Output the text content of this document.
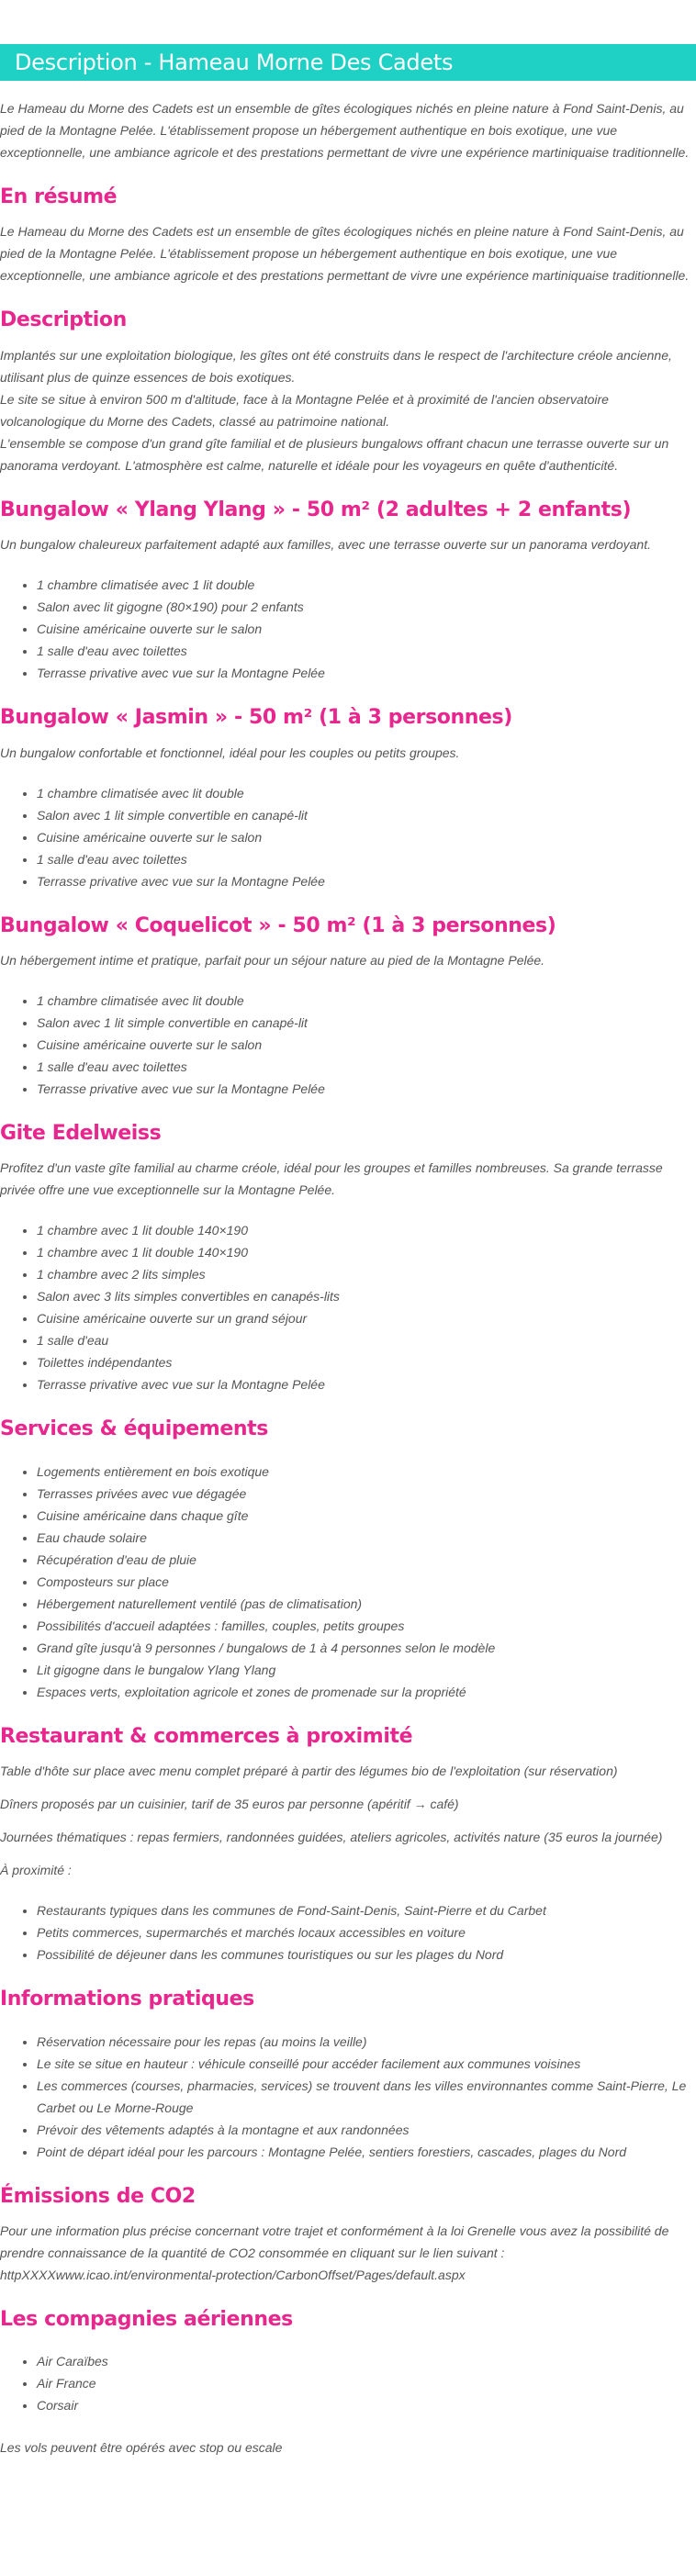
Description - Hameau Morne Des Cadets

Le Hameau du Morne des Cadets est un ensemble de gîtes écologiques nichés en pleine nature à Fond Saint-Denis, au pied de la Montagne Pelée. L'établissement propose un hébergement authentique en bois exotique, une vue exceptionnelle, une ambiance agricole et des prestations permettant de vivre une expérience martiniquaise traditionnelle.

En résumé

Le Hameau du Morne des Cadets est un ensemble de gîtes écologiques nichés en pleine nature à Fond Saint-Denis, au pied de la Montagne Pelée. L'établissement propose un hébergement authentique en bois exotique, une vue exceptionnelle, une ambiance agricole et des prestations permettant de vivre une expérience martiniquaise traditionnelle.

Description

Implantés sur une exploitation biologique, les gîtes ont été construits dans le respect de l'architecture créole ancienne, utilisant plus de quinze essences de bois exotiques.

Le site se situe à environ 500 m d'altitude, face à la Montagne Pelée et à proximité de l'ancien observatoire volcanologique du Morne des Cadets, classé au patrimoine national.

L'ensemble se compose d'un grand gîte familial et de plusieurs bungalows offrant chacun une terrasse ouverte sur un panorama verdoyant. L'atmosphère est calme, naturelle et idéale pour les voyageurs en quête d'authenticité.

Bungalow « Ylang Ylang » - 50 m² (2 adultes + 2 enfants)

Un bungalow chaleureux parfaitement adapté aux familles, avec une terrasse ouverte sur un panorama verdoyant.

• 1 chambre climatisée avec 1 lit double
• Salon avec lit gigogne (80×190) pour 2 enfants
• Cuisine américaine ouverte sur le salon
• 1 salle d'eau avec toilettes
• Terrasse privative avec vue sur la Montagne Pelée
Bungalow « Jasmin » - 50 m² (1 à 3 personnes)

Un bungalow confortable et fonctionnel, idéal pour les couples ou petits groupes.

• 1 chambre climatisée avec lit double
• Salon avec 1 lit simple convertible en canapé-lit
• Cuisine américaine ouverte sur le salon
• 1 salle d'eau avec toilettes
• Terrasse privative avec vue sur la Montagne Pelée
Bungalow « Coquelicot » - 50 m² (1 à 3 personnes)

Un hébergement intime et pratique, parfait pour un séjour nature au pied de la Montagne Pelée.

• 1 chambre climatisée avec lit double
• Salon avec 1 lit simple convertible en canapé-lit
• Cuisine américaine ouverte sur le salon
• 1 salle d'eau avec toilettes
• Terrasse privative avec vue sur la Montagne Pelée
Gite Edelweiss

Profitez d'un vaste gîte familial au charme créole, idéal pour les groupes et familles nombreuses. Sa grande terrasse privée offre une vue exceptionnelle sur la Montagne Pelée.

• 1 chambre avec 1 lit double 140×190
• 1 chambre avec 1 lit double 140×190
• 1 chambre avec 2 lits simples
• Salon avec 3 lits simples convertibles en canapés-lits
• Cuisine américaine ouverte sur un grand séjour
• 1 salle d'eau
• Toilettes indépendantes
• Terrasse privative avec vue sur la Montagne Pelée
Services & équipements
• Logements entièrement en bois exotique
• Terrasses privées avec vue dégagée
• Cuisine américaine dans chaque gîte
• Eau chaude solaire
• Récupération d'eau de pluie
• Composteurs sur place
• Hébergement naturellement ventilé (pas de climatisation)
• Possibilités d'accueil adaptées : familles, couples, petits groupes
• Grand gîte jusqu'à 9 personnes / bungalows de 1 à 4 personnes selon le modèle
• Lit gigogne dans le bungalow Ylang Ylang
• Espaces verts, exploitation agricole et zones de promenade sur la propriété
Restaurant & commerces à proximité

Table d'hôte sur place avec menu complet préparé à partir des légumes bio de l'exploitation (sur réservation)

Dîners proposés par un cuisinier, tarif de 35 euros par personne (apéritif → café)

Journées thématiques : repas fermiers, randonnées guidées, ateliers agricoles, activités nature (35 euros la journée)

À proximité :

• Restaurants typiques dans les communes de Fond-Saint-Denis, Saint-Pierre et du Carbet
• Petits commerces, supermarchés et marchés locaux accessibles en voiture
• Possibilité de déjeuner dans les communes touristiques ou sur les plages du Nord
Informations pratiques
• Réservation nécessaire pour les repas (au moins la veille)
• Le site se situe en hauteur : véhicule conseillé pour accéder facilement aux communes voisines
• Les commerces (courses, pharmacies, services) se trouvent dans les villes environnantes comme Saint-Pierre, Le Carbet ou Le Morne-Rouge
• Prévoir des vêtements adaptés à la montagne et aux randonnées
• Point de départ idéal pour les parcours : Montagne Pelée, sentiers forestiers, cascades, plages du Nord
Émissions de CO2

Pour une information plus précise concernant votre trajet et conformément à la loi Grenelle vous avez la possibilité de prendre connaissance de la quantité de CO2 consommée en cliquant sur le lien suivant : httpXXXXwww.icao.int/environmental-protection/CarbonOffset/Pages/default.aspx

Les compagnies aériennes
• Air Caraïbes
• Air France
• Corsair

Les vols peuvent être opérés avec stop ou escale
